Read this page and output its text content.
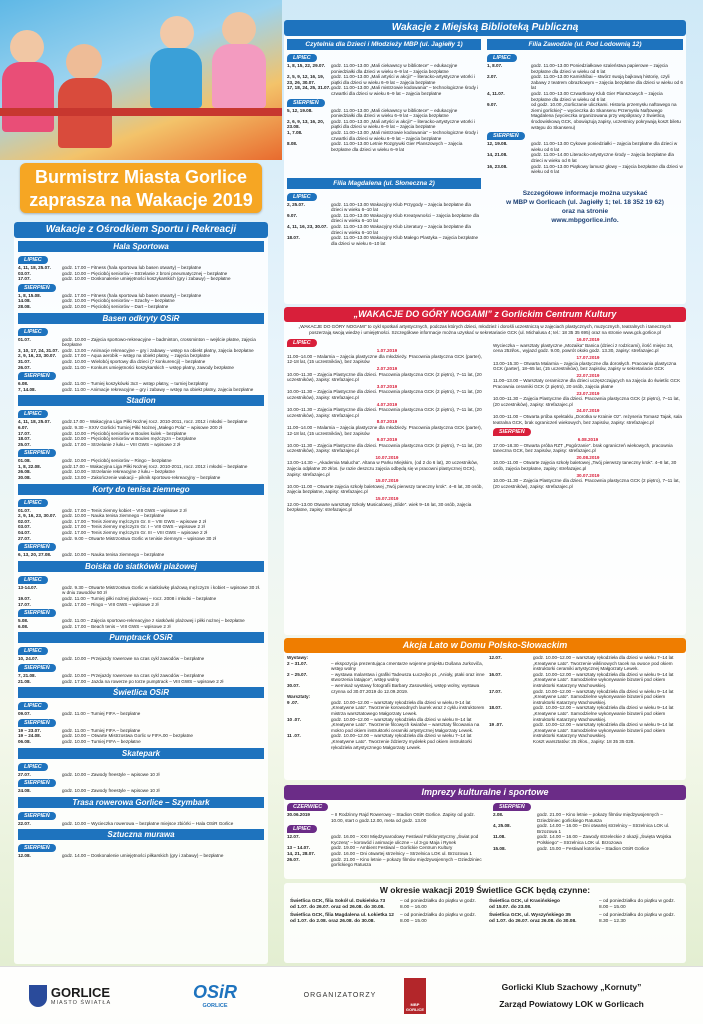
Burmistrz Miasta Gorlice
zaprasza na Wakacje 2019
Wakacje z Ośrodkiem Sportu i Rekreacji
Hala Sportowa
LIPIEC
4, 11, 18, 25.07.	godz. 17.00 – Fitness (hala sportowa lub basen otwarty) – bezpłatne
03.07.	godz. 10.00 – Pięciobój seniorów – Strzelanie z broni pneumatycznej – bezpłatne
17.07.	godz. 10.00 – Doskonalenie umiejętności koszykarskich (gry i zabawy) – bezpłatne
SIERPIEŃ
1, 8, 15.08.	godz. 17.00 – Fitness (hala sportowa lub basen otwarty) – bezpłatne
14.08.	godz. 10.00 – Pięciobój seniorów – Szachy – bezpłatne
28.08.	godz. 10.00 – Pięciobój seniorów – Dart – bezpłatne
Basen odkryty OSiR
LIPIEC
01.07.	godz. 10.00 – Zajęcia sportowo-rekreacyjne – badminton, crossminton – wejście płatne, zajęcia bezpłatne
3, 10, 17, 24, 31.07. godz. 13.00 – Animacje rekreacyjne – gry i zabawy – wstęp na obiekt płatny, zajęcia bezpłatne
2, 9, 16, 23, 30.07.	godz. 17.00 – Aqua aerobik – wstęp na obiekt płatny, – zajęcia bezpłatne
31.07.	godz. 10.00 – Wielobój sportowy dla dzieci (7 konkurencji) – bezpłatne
26.07.	godz. 11.00 – Konkurs umiejętności koszykarskich – wstęp płatny, zawody bezpłatne
SIERPIEŃ
6.08.	godz. 11.00 – Turniej koszykówki 3x3 – wstęp płatny, – turniej bezpłatny
7, 14.08.	godz. 11.00 – Animacje rekreacyjne – gry i zabawy – wstęp na obiekt płatny, zajęcia bezpłatne
Stadion
LIPIEC
4, 11, 18, 25.07.	godz.17.00 – Wakacyjna Liga Piłki Nożnej rocz. 2010-2011, rocz. 2012 i młodsi – bezpłatne
6.07.	godz. 9.30 – XXIV Gorlicki Turniej Piłki Nożnej „Małego Pola” – wpisowe 200 zł
17.07.	godz. 10.00 – Pięciobój seniorów w Boules kulek – bezpłatne
18.07.	godz. 10.00 – Pięciobój seniorów w Boules mężczyzn – bezpłatne
25.07.	godz. 17.00 – Strzelanie z łuku – VIII GWS – wpisowe 2 zł
SIERPIEŃ
01.08.	godz. 10.00 – Pięciobój seniorów – Ringo – bezpłatne
1, 8, 22.08.	godz.17.00 – Wakacyjna Liga Piłki Nożnej rocz. 2010-2011, rocz. 2012 i młodsi – bezpłatne
26.08.	godz. 10.00 – Strzelanie rekreacyjne z łuku – bezpłatne
30.08.	godz. 13.00 – Zakończenie wakacji – piknik sportowo-rekreacyjny – bezpłatne
Korty do tenisa ziemnego
LIPIEC
01.07.	godz. 17.00 – Tenis ziemny kobiet – VIII GWS – wpisowe 2 zł
2, 9, 16, 23, 30.07.	godz. 10.00 – Nauka tenisa ziemnego – bezpłatne
02.07.	godz. 17.00 – Tenis ziemny mężczyzn Gr. II – VIII GWS – wpisowe 2 zł
03.07.	godz. 17.00 – Tenis ziemny mężczyzn Gr. I – VIII GWS – wpisowe 2 zł
04.07.	godz. 17.00 – Tenis ziemny mężczyzn Gr. III – VIII GWS – wpisowe 2 zł
27.07.	godz. 9.00 – Otwarte Mistrzostwa Gorlic w tenisie ziemnym – wpisowe 30 zł
SIERPIEŃ
6, 13, 20, 27.08.	godz. 10.00 – Nauka tenisa ziemnego – bezpłatne
Boiska do siatkówki plażowej
LIPIEC
13-14.07.	godz. 9.30 – Otwarte Mistrzostwa Gorlic w siatkówkę plażową mężczyzn i kobiet – wpisowe 30 zł. w dniu zawodów 50 zł
19.07.	godz. 11.00 – Turniej piłki nożnej plażowej – rocz. 2008 i młodsi – bezpłatne
17.07.	godz. 17.00 – Ringo – VIII GWS – wpisowe 2 zł
SIERPIEŃ
5.08.	godz. 11.00 – Zajęcia sportowo-rekreacyjne z siatkówki plażowej i piłki nożnej – bezpłatne
6.08.	godz. 17.00 – Beach tenis – VIII GWS – wpisowe 2 zł
Pumptrack OSiR
LIPIEC
10, 24.07.	godz. 10.00 – Przejazdy rowerowe na czas cykl zawodów – bezpłatne
SIERPIEŃ
7, 21.08.	godz. 10.00 – Przejazdy rowerowe na czas cykl zawodów – bezpłatne
21.08.	godz. 17.00 – Jazda na rowerze po torze pumptrack – VIII GWS – wpisowe 2 zł
Świetlica OSiR
LIPIEC
09.07.	godz. 11.00 – Turniej FIFA – bezpłatne
SIERPIEŃ
19 – 23.07.	godz. 11.00 – Turniej FIFA – bezpłatne
19 – 24.08.	godz. 10.00 – Otwarte Mistrzostwa Gorlic w FIFA.00 – bezpłatne
06.08.	godz. 10.00 – Turniej FIFA – bezpłatne
Skatepark
LIPIEC
27.07.	godz. 10.00 – Zawody freestyle – wpisowe 10 zł
SIERPIEŃ
24.08.	godz. 10.00 – Zawody freestyle – wpisowe 10 zł
Trasa rowerowa Gorlice – Szymbark
SIERPIEŃ
22.07.	godz. 10.00 – Wycieczka rowerowa – bezpłatne miejsce zbiórki – Hala OSiR Gorlice
Sztuczna murawa
SIERPIEŃ
12.08.	godz. 14.00 – Doskonalenie umiejętności piłkarskich (gry i zabawy) – bezpłatne
Wakacje z Miejską Biblioteką Publiczną
Czytelnia dla Dzieci i Młodzieży MBP (ul. Jagiełły 1)
LIPIEC
1, 8, 15, 22, 29.07.	godz. 11.00–13.00 „Mali ciekawscy w bibliotece” – edukacyjne poniedziałki dla dzieci w wieku 6–9 lat – zajęcia bezpłatne
2, 5, 9, 12, 16, 19, 23, 26, 30.07.
godz. 11.00–13.00 „Mali artyści w akcji!” – literacko-artystyczne wtorki i piątki dla dzieci w wieku 6–9 lat – zajęcia bezpłatne
17, 18, 24, 25, 31.07. godz. 11.00–13.00 „Mali mistrzowie kodowania” – technologiczne środy i czwartki dla dzieci w wieku 6–9 lat – zajęcia bezpłatne
SIERPIEŃ
5, 12, 19.08.	godz. 11.00–13.00 „Mali ciekawscy w bibliotece” – edukacyjne poniedziałki dla dzieci w wieku 6–9 lat – zajęcia bezpłatne
2, 6, 9, 13, 16, 20, 23.08.
godz. 11.00–13.00 „Mali artyści w akcji!” – literacko-artystyczne wtorki i piątki dla dzieci w wieku 6–9 lat – zajęcia bezpłatne
1, 7.08.	godz. 11.00–13.00 „Mali mistrzowie kodowania” – technologiczne środy i czwartki dla dzieci w wieku 6–9 lat – zajęcia bezpłatne
8.08.	godz. 11.00–13.00 Letnie Rozgrywki Gier Planszowych – zajęcia bezpłatne dla dzieci w wieku 6–9 lat
Filia Zawodzie (ul. Pod Lodownią 12)
LIPIEC
1, 8.07.	godz. 11.00–13.00 Poniedziałkowe szaleństwa papierowe – zajęcia bezpłatne dla dzieci w wieku od 6 lat
2.07.	godz. 11.00–13.00 Kamishibai – stwórz swoją bajkową historię, czyli zabawy z teatrem obrazkowym – zajęcia bezpłatne dla dzieci w wieku od 6 lat
4, 11.07.	godz. 11.00–13.00 Czwartkowy Klub Gier Planszowych – zajęcia bezpłatne dla dzieci w wieku od 6 lat
9.07.	od godz. 10.00 „Gorliczanie uliczkami. Historia przemysłu naftowego na ziemi gorlickiej” – wycieczka do Skansenu Przemysłu Naftowego Magdalena (wycieczka organizowana przy współpracy z Świetlicą środowiskową GCK, obowiązują zapisy, uczestnicy pokrywają koszt biletu wstępu do Skansenu)
SIERPIEŃ
12, 19.08.	godz. 11.00–13.00 Cykowe poniedziałki – zajęcia bezpłatne dla dzieci w wieku od 6 lat
14, 21.08.	godz. 11.00–14.00 Literacko-artystyczne środy – zajęcia bezpłatne dla dzieci w wieku od 6 lat
16, 23.08.	godz. 11.00–13.00 Piątkowy lamusz głowy – zajęcia bezpłatne dla dzieci w wieku od 6 lat
Filia Magdalena (ul. Słoneczna 2)
LIPIEC
2, 25.07.	godz. 11.00–13.00 Wakacyjny Klub Przygody – zajęcia bezpłatne dla dzieci w wieku 6–10 lat
9.07.	godz. 11.00–13.00 Wakacyjny Klub Kreatywności – zajęcia bezpłatne dla dzieci w wieku 6–10 lat
4, 11, 16, 23, 30.07. godz. 11.00–13.00 Wakacyjny Klub Literatury – zajęcia bezpłatne dla dzieci w wieku 6–10 lat
18.07.	godz. 11.00–13.00 Wakacyjny Klub Małego Plastyka – zajęcia bezpłatne dla dzieci w wieku 6–10 lat
Szczegółowe informacje można uzyskać
w MBP w Gorlicach (ul. Jagiełły 1; tel. 18 352 19 62)
oraz na stronie
www.mbpgorlice.info.
„WAKACJE DO GÓRY NOGAMI” z Gorlickim Centrum Kultury
„WAKACJE DO GÓRY NOGAMI” to cykl spotkań artystycznych, podczas których dzieci, młodzież i dorośli uczestniczą w zajęciach plastycznych, muzycznych, teatralnych i tanecznych poszerzają swoją wiedzę i umiejętności. Szczegółowe informacje można uzyskać w sekretariacie GCK (ul. Michalusa 4; tel.: 18 35 35 695) oraz na stronie www.gck.gorlice.pl
LIPIEC
1.07.2019
11.00–14.00 – Malarnia – zajęcia plastyczne dla młodzieży. Pracownia plastyczna GCK (parter), 12-18 lat, (15 uczestników), bez zapisów
2.07.2019
10.00–11.30 – Zajęcia Plastyczne dla dzieci. Pracownia plastyczna GCK (2 piętro), 7–11 lat, (20 uczestników), zapisy: strefazajec.pl
3.07.2019
10.00–11.30 – Zajęcia Plastyczne dla dzieci. Pracownia plastyczna GCK (2 piętro), 7–11 lat, (20 uczestników), zapisy: strefazajec.pl
4.07.2019
10.00–11.30 – Zajęcia Plastyczne dla dzieci. Pracownia plastyczna GCK (2 piętro), 7–11 lat, (20 uczestników), zapisy: strefazajec.pl
8.07.2019
11.00–14.00 – Malarnia – zajęcia plastyczne dla młodzieży. Pracownia plastyczna GCK (parter), 12-18 lat, (15 uczestników), bez zapisów
9.07.2019
10.00–11.30 – Zajęcia Plastyczne dla dzieci. Pracownia plastyczna GCK (2 piętro), 7–11 lat, (20 uczestników), zapisy: strefazajec.pl
10.07.2019
13.00–14.30 – „Akademia Malucha”. Altana w Parku Miejskim, (od 2 do 6 lat), 20 uczestników, zajęcia odpłatne 20 zł/os. (w razie deszczu zajęcia odbędą się w pracowni plastycznej GCK), zapisy: strefazajec.pl
15.07.2019
10.00–11.00 – Otwarte zajęcia szkoły baletowej „Twój pierwszy taneczny krok”. 4–8 lat, 30 osób, zajęcia bezpłatne, zapisy: strefazajec.pl
15.07.2019
12.00–13.00 Otwarte warsztaty Szkoły Musicalowej „Slide”. wiek 9–16 lat, 30 osób, zajęcia bezpłatne, zapisy: strefazajec.pl
16.07.2019
Wycieczka – warsztaty plastyczne „Mozaika” Banica (dzieci z rodzicami), ilość miejsc 34, cena 25zł/os., wyjazd godz. 9.00, powrót około godz. 13.30, zapisy: strefazajec.pl
17.07.2019
13.00–15.30 – Otwarta Malarnia – zajęcia plastyczne dla dorosłych. Pracownia plastyczna GCK (parter), 18–65 lat, (15 uczestników), bez zapisów, zapisy w sekretariacie GCK
22.07.2019
11.00–13.00 – Warsztaty ceramiczne dla dzieci uczęszczających na zajęcia do świetlic GCK Pracownia ceramiki GCK (2 piętro), 20 osób, zajęcia płatne
23.07.2019
10.00–11.30 – Zajęcia Plastyczne dla dzieci. Pracownia plastyczna GCK (2 piętro), 7–11 lat, (20 uczestników), zapisy: strefazajec.pl
24.07.2019
10.00–11.00 – Otwarta próba spektaklu „Dorotka w Krainie Oz”. reżyseria Tomasz Tajak, sala teatralna GCK, brak ograniczeń wiekowych, bez zapisów, zapisy: strefazajec.pl
SIERPIEŃ
6.08.2019
17.00–18.30 – Otwarta próba RZT „Pogórzanie”. brak ograniczeń wiekowych, pracownia taneczna GCK, bez zapisów, zapisy: strefazajec.pl
20.08.2019
10.00–11.00 – Otwarte zajęcia szkoły baletowej „Twój pierwszy taneczny krok”. 4–8 lat, 30 osób, zajęcia bezpłatne, zapisy: strefazajec.pl
30.07.2019
10.00–11.30 – Zajęcia Plastyczne dla dzieci. Pracownia plastyczna GCK (2 piętro), 7–11 lat, (20 uczestników), zapisy: strefazajec.pl
Akcja Lato w Domu Polsko-Słowackim
Wystawy:
2 – 31.07.	– ekspozycja prezentująca cmentarze wojenne projektu Dušana Jurkoviča, wstęp wolny
2 – 25.07.	– wystawa malarstwa i grafiki Tadeusza Łuczejko pt. „Anioły, ptaki oraz inne stworzenia latające”, wstęp wolny
30.07.	– wernisaż wystawy fotografii Barbary Zasowskiej, wstęp wolny, wystawa czynna od 30.07.2019 do 12.09.2019.
Warsztaty:
9 .07.	godz. 10.00–12.00 – warsztaty rękodzieła dla dzieci w wieku 9-14 lat „Kreatywne Lato”. Tworzenie korowodnych laurek wraz z cyklu instruktorem mistrza warsztatowego Małgorzaty Lewek.
10 .07.	godz. 10.00–12.00 – warsztaty rękodzieła dla dzieci w wieku 8–14 lat „Kreatywne Lato”. Tworzenie filcowych kwiatów – warsztaty filcowania na mokro pod okiem instruktorki ceramiki artystycznej Małgorzaty Lewek.
11 .07.	godz. 10.00–12.00 – warsztaty rękodzieła dla dzieci w wieku 7–14 lat „Kreatywne Lato”. Tworzenie ździerzy mydełek pod okiem instruktorki rękodzieła artystycznego Małgorzaty Lewek.
12.07.	godz. 10.00–12.00 – warsztaty rękodzieła dla dzieci w wieku 7–14 lat „Kreatywne Lato”. Tworzenie wiklinowych tacek na owoce pod okiem instruktorki ceramiki artystycznej Małgorzaty Lewek.
16.07.	godz. 10.00–12.00 – warsztaty rękodzieła dla dzieci w wieku 9–14 lat „Kreatywne Lato”. Samodzielne wykonywanie bizuterii pod okiem instruktorki Katarzyny Wachowskiej.
17.07.	godz. 10.00–12.00 – warsztaty rękodzieła dla dzieci w wieku 9–14 lat „Kreatywne Lato”. Samodzielne wykonywanie bizuterii pod okiem instruktorki Katarzyny Wachowskiej.
18.07.	godz. 10.00–12.00 – warsztaty rękodzieła dla dzieci w wieku 9–14 lat „Kreatywne Lato”. Samodzielne wykonywanie bizuterii pod okiem instruktorki Katarzyny Wachowskiej.
19 .07.	godz. 10.00–12.00 – warsztaty rękodzieła dla dzieci w wieku 9–14 lat „Kreatywne Lato”. Samodzielne wykonywanie bizuterii pod okiem instruktorki Katarzyny Wachowskiej.
Koszt warsztatów: 25 zł/os., zapisy: 18 35 35 028.
Imprezy kulturalne i sportowe
CZERWIEC
30.06.2019	– II Rodzinny Rajd Rowerowy – Stadion OSiR Gorlice. Zapisy od godz. 10.00, start o godz.12.00, meta od godz. 13.00
LIPIEC
12.07.	godz. 16.00 – XXII Międzynarodowy Festiwal Folklorystyczny „Świat pod Kyczerą” – korowód i animacje uliczne – ul 3-go Maja i Rynek
13 – 14.07.	godz. 19.00 – Ambient Festiwal – Gorlickie Centrum Kultury
14, 21, 28.07.	godz. 16.00 – Dni otwartej strzelnicy – Strzelnica LOK ul. Brzozowa 1
26.07.	godz. 21.00 – Kino letnie – pokazy filmów międzywojennych – Dziedziniec gorlickiego Ratusza
SIERPIEŃ
2.08.	godz. 21.00 – Kino letnie – pokazy filmów międzywojennych – Dziedziniec gorlickiego Ratusza
4, 25.08.	godz. 14.00 – 16.00 – Dni otwartej strzelnicy – Strzelnica LOK ul. Brzozowa 1
11.08.	godz. 14.00 – 16.00 – Zawody strzeleckie z okazji „Święta Wojska Polskiego” – Strzelnica LOK ul. Brzozowa
15.08.	godz. 15.00 – Festiwal kotorów – Stadion OSiR Gorlice
W okresie wakacji 2019 Świetlice GCK będą czynne:
Świetlica GCK, filia Sokół ul. Dukielska 73
od 1.07. do 26.07. oraz od 26.08. do 30.08.
– od poniedziałku do piątku w godz. 8.00 – 16.00
Świetlica GCK, ul Krasińskiego
od 15.07. do 23.08.
– od poniedziałku do piątku w godz. 8.00 – 15.00
Świetlica GCK, filia Magdalena ul. Łokietka 12
od 1.07. do 2.08. oraz 26.08. do 30.08.
– od poniedziałku do piątku w godz. 8.00 – 15.00
Świetlica GCK, ul. Wyszyńskiego 35
od 1.07. do 26.07. oraz 26.08. do 30.08.
– od poniedziałku do piątku w godz. 8.30 – 12.30
GORLICE
MIASTO ŚWIATŁA
OSiR
GORLICE
ORGANIZATORZY
MBP GORLICE
Gorlicki Klub Szachowy „Kornuty”
Zarząd Powiatowy LOK w Gorlicach
